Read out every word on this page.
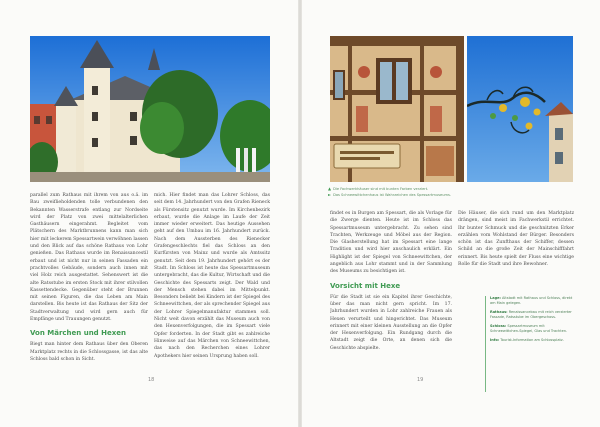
parallel zum Rathaus mit ihrem von aus o.ä. im Bau zweiflieholdenden tolle verbundenen den Bekannten Wasserstrafe entlang zur Nordseite wird der Platz von zwei mittelalterlichen Gasthäusern eingerahmt. Begleitet vom Plätschern des Marktbrunnens kann man sich hier mit leckerem Spessartwein verwöhnen lassen und den Blick auf das schöne Rathaus von Lohr genießen. Das Rathaus wurde im Renaissancestil erbaut und ist nicht nur in seinen Fassaden ein prachtvolles Gebäude, sondern auch innen mit viel Holz reich ausgestattet. Sehenswert ist die alte Ratsstube im ersten Stock mit ihrer stilvollen Kassettendecke. Gegenüber steht der Brunnen mit seinen Figuren, die das Leben am Main darstellen. Bis heute ist das Rathaus der Sitz der Stadtverwaltung und wird gern auch für Empfänge und Trauungen genutzt.

Von Märchen und Hexen

Biegt man hinter dem Rathaus über den Oberen Marktplatz rechts in die Schlossgasse, ist das alte Schloss bald schon in Sicht.

mich. Hier findet man das Lohrer Schloss, das seit dem 14. Jahrhundert von den Grafen Rieneck als Fürstensitz genutzt wurde. Im Kirchenbezirk erbaut, wurde die Anlage im Laufe der Zeit immer wieder erweitert. Das heutige Aussehen geht auf den Umbau im 16. Jahrhundert zurück. Nach dem Aussterben des Rienecker Grafengeschlechts fiel das Schloss an den Kurfürsten von Mainz und wurde als Amtssitz genutzt. Seit dem 19. Jahrhundert gehört es der Stadt. Im Schloss ist heute das Spessartmuseum untergebracht, das die Kultur, Wirtschaft und die Geschichte des Spessarts zeigt. Der Wald und der Mensch stehen dabei im Mittelpunkt. Besonders beliebt bei Kindern ist der Spiegel des Schneewittchen, der als sprechender Spiegel aus der Lohrer Spiegelmanufaktur stammen soll. Nicht weit davon erzählt das Museum auch von den Hexenverfolgungen, die im Spessart viele Opfer forderten. In der Stadt gibt es zahlreiche Hinweise auf das Märchen von Schneewittchen, das nach den Recherchen eines Lohrer Apothekers hier seinen Ursprung haben soll.

18
▲ Die Fachwerkhäuser sind mit bunten Farben verziert.
► Das Schneewittchenhaus ist Wahrzeichen des Spessartmuseums.

findet es in Burgen am Spessart, die als Vorlage für die Zwerge dienten. Heute ist im Schloss das Spessartmuseum untergebracht. Zu sehen sind Trachten, Werkzeuge und Möbel aus der Region. Die Glasherstellung hat im Spessart eine lange Tradition und wird hier anschaulich erklärt. Ein Highlight ist der Spiegel von Schneewittchen, der angeblich aus Lohr stammt und in der Sammlung des Museums zu besichtigen ist.

Vorsicht mit Hexe

Für die Stadt ist sie ein Kapitel ihrer Geschichte, über das man nicht gern spricht. Im 17. Jahrhundert wurden in Lohr zahlreiche Frauen als Hexen verurteilt und hingerichtet. Das Museum erinnert mit einer kleinen Ausstellung an die Opfer der Hexenverfolgung. Ein Rundgang durch die Altstadt zeigt die Orte, an denen sich die Geschichte abspielte.

Die Häuser, die sich rund um den Marktplatz drängen, sind meist im Fachwerkstil errichtet. Ihr bunter Schmuck und die geschnitzten Erker erzählen vom Wohlstand der Bürger. Besonders schön ist das Zunfthaus der Schiffer, dessen Schild an die große Zeit der Mainschifffahrt erinnert. Bis heute spielt der Fluss eine wichtige Rolle für die Stadt und ihre Bewohner.

Lage: Altstadt mit Rathaus und Schloss, direkt am Main gelegen.
Rathaus: Renaissancebau mit reich verzierter Fassade, Ratsstube im Obergeschoss.
Schloss: Spessartmuseum mit Schneewittchen-Spiegel, Glas und Trachten.
Info: Tourist-Information am Schlossplatz.
19
